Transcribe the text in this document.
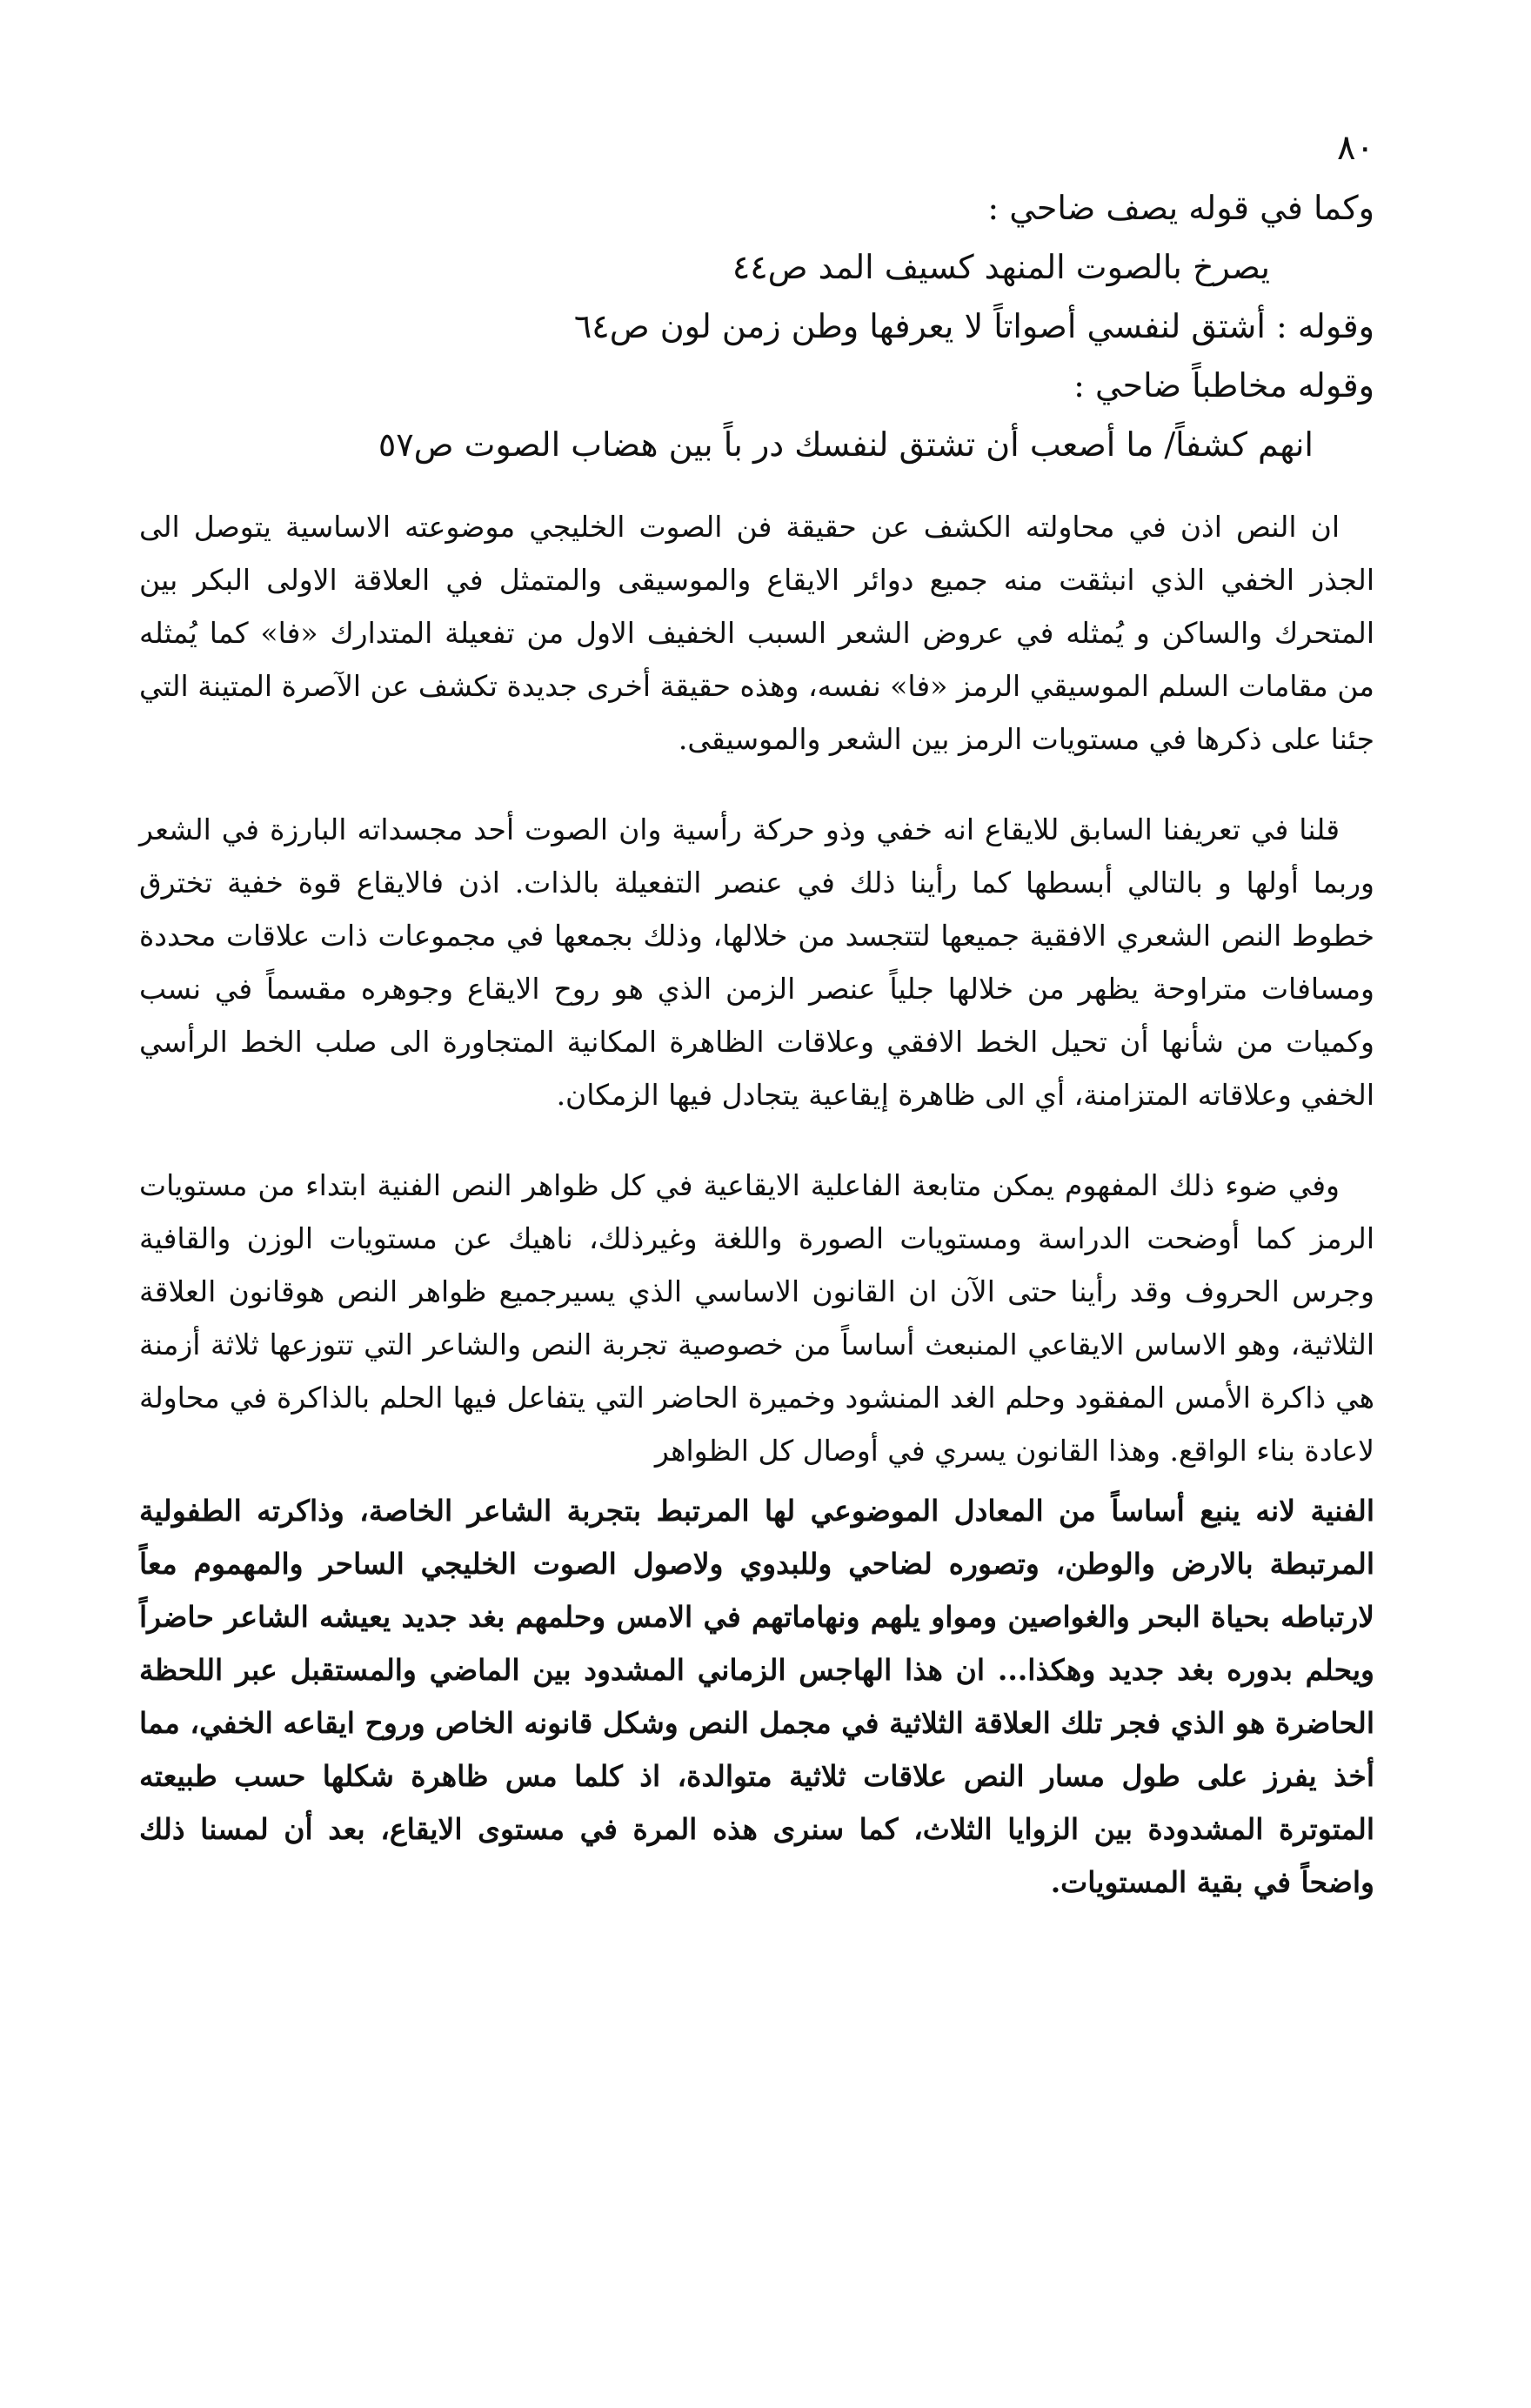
٨٠
وكما في قوله يصف ضاحي :
يصرخ بالصوت المنهد كسيف المد ص٤٤
وقوله : أشتق لنفسي أصواتاً لا يعرفها وطن زمن لون ص٦٤
وقوله مخاطباً ضاحي :
انهم كشفاً/ ما أصعب أن تشتق لنفسك در باً بين هضاب الصوت ص٥٧

ان النص اذن في محاولته الكشف عن حقيقة فن الصوت الخليجي موضوعته الاساسية يتوصل الى الجذر الخفي الذي انبثقت منه جميع دوائر الايقاع والموسيقى والمتمثل في العلاقة الاولى البكر بين المتحرك والساكن و يُمثله في عروض الشعر السبب الخفيف الاول من تفعيلة المتدارك «فا» كما يُمثله من مقامات السلم الموسيقي الرمز «فا» نفسه، وهذه حقيقة أخرى جديدة تكشف عن الآصرة المتينة التي جئنا على ذكرها في مستويات الرمز بين الشعر والموسيقى.

قلنا في تعريفنا السابق للايقاع انه خفي وذو حركة رأسية وان الصوت أحد مجسداته البارزة في الشعر وربما أولها و بالتالي أبسطها كما رأينا ذلك في عنصر التفعيلة بالذات. اذن فالايقاع قوة خفية تخترق خطوط النص الشعري الافقية جميعها لتتجسد من خلالها، وذلك بجمعها في مجموعات ذات علاقات محددة ومسافات متراوحة يظهر من خلالها جلياً عنصر الزمن الذي هو روح الايقاع وجوهره مقسماً في نسب وكميات من شأنها أن تحيل الخط الافقي وعلاقات الظاهرة المكانية المتجاورة الى صلب الخط الرأسي الخفي وعلاقاته المتزامنة، أي الى ظاهرة إيقاعية يتجادل فيها الزمكان.

وفي ضوء ذلك المفهوم يمكن متابعة الفاعلية الايقاعية في كل ظواهر النص الفنية ابتداء من مستويات الرمز كما أوضحت الدراسة ومستويات الصورة واللغة وغيرذلك، ناهيك عن مستويات الوزن والقافية وجرس الحروف وقد رأينا حتى الآن ان القانون الاساسي الذي يسيرجميع ظواهر النص هوقانون العلاقة الثلاثية، وهو الاساس الايقاعي المنبعث أساساً من خصوصية تجربة النص والشاعر التي تتوزعها ثلاثة أزمنة هي ذاكرة الأمس المفقود وحلم الغد المنشود وخميرة الحاضر التي يتفاعل فيها الحلم بالذاكرة في محاولة لاعادة بناء الواقع. وهذا القانون يسري في أوصال كل الظواهر

الفنية لانه ينبع أساساً من المعادل الموضوعي لها المرتبط بتجربة الشاعر الخاصة، وذاكرته الطفولية المرتبطة بالارض والوطن، وتصوره لضاحي وللبدوي ولاصول الصوت الخليجي الساحر والمهموم معاً لارتباطه بحياة البحر والغواصين ومواو يلهم ونهاماتهم في الامس وحلمهم بغد جديد يعيشه الشاعر حاضراً ويحلم بدوره بغد جديد وهكذا... ان هذا الهاجس الزماني المشدود بين الماضي والمستقبل عبر اللحظة الحاضرة هو الذي فجر تلك العلاقة الثلاثية في مجمل النص وشكل قانونه الخاص وروح ايقاعه الخفي، مما أخذ يفرز على طول مسار النص علاقات ثلاثية متوالدة، اذ كلما مس ظاهرة شكلها حسب طبيعته المتوترة المشدودة بين الزوايا الثلاث، كما سنرى هذه المرة في مستوى الايقاع، بعد أن لمسنا ذلك واضحاً في بقية المستويات.
